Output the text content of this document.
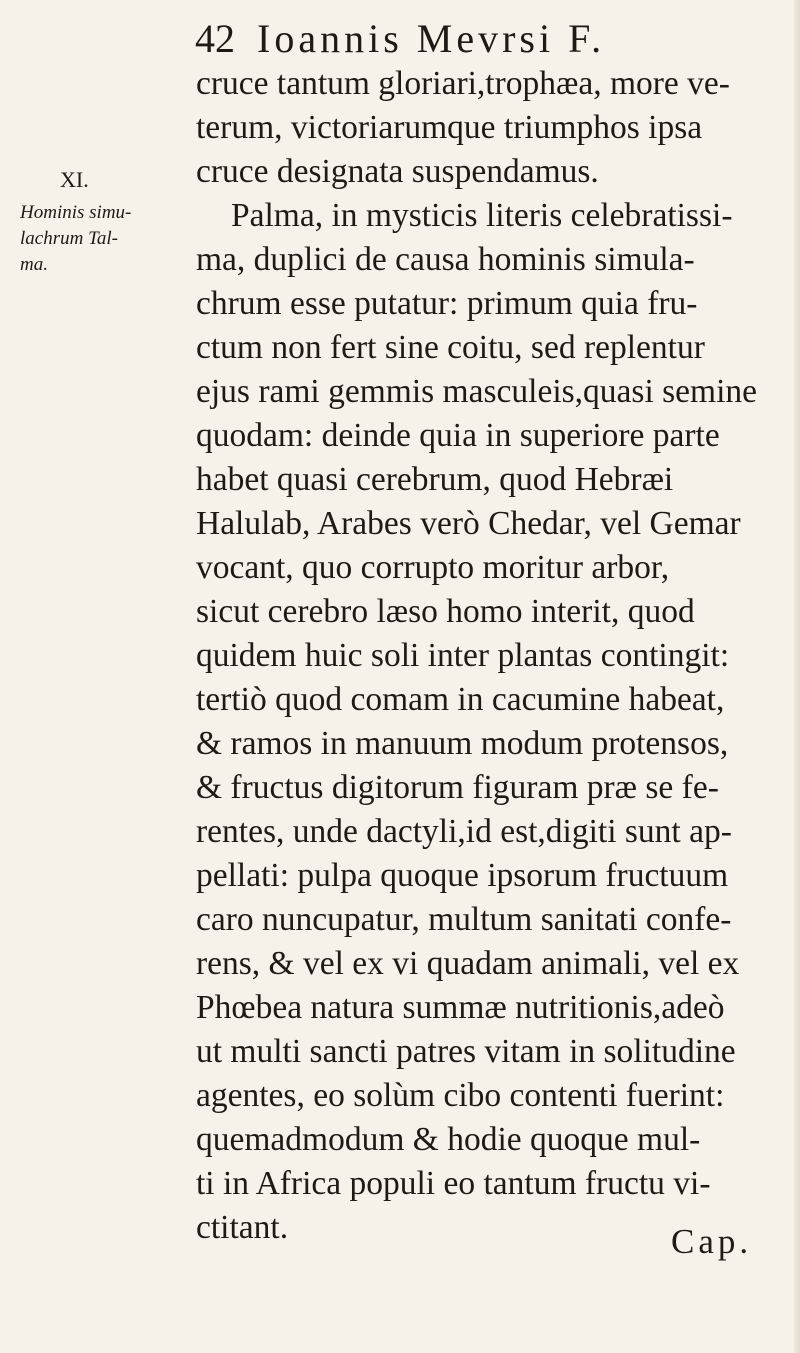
42 Ioannis Mevrsi F.
XI.
Hominis simu-
lachrum Tal-
ma.
cruce tantum gloriari,trophæa, more ve-
terum, victoriarumque triumphos ipsa
cruce designata suspendamus.
Palma, in mysticis literis celebratissi-
ma, duplici de causa hominis simula-
chrum esse putatur: primum quia fru-
ctum non fert sine coitu, sed replentur
ejus rami gemmis masculeis,quasi semine
quodam: deinde quia in superiore parte
habet quasi cerebrum, quod Hebræi
Halulab, Arabes verò Chedar, vel Gemar
vocant, quo corrupto moritur arbor,
sicut cerebro læso homo interit, quod
quidem huic soli inter plantas contingit:
tertiò quod comam in cacumine habeat,
& ramos in manuum modum protensos,
& fructus digitorum figuram præ se fe-
rentes, unde dactyli,id est,digiti sunt ap-
pellati: pulpa quoque ipsorum fructuum
caro nuncupatur, multum sanitati confe-
rens, & vel ex vi quadam animali, vel ex
Phœbea natura summæ nutritionis,adeò
ut multi sancti patres vitam in solitudine
agentes, eo solùm cibo contenti fuerint:
quemadmodum & hodie quoque mul-
ti in Africa populi eo tantum fructu vi-
ctitant.	Cap.
